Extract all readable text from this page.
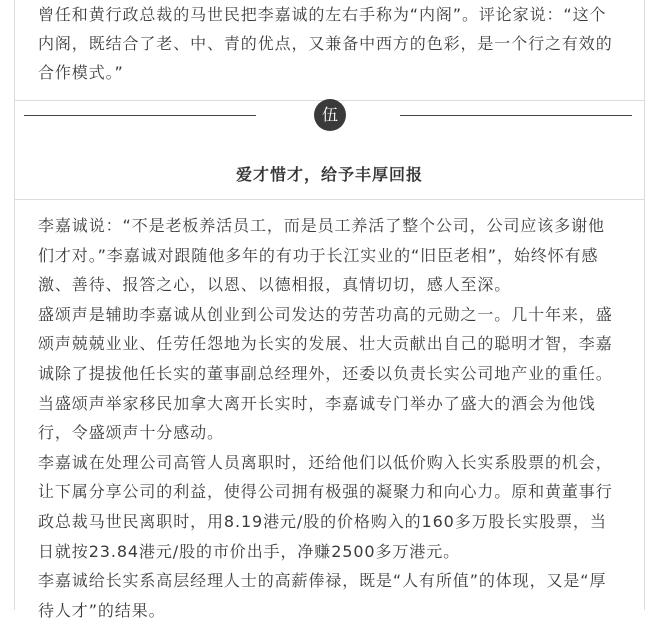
曾任和黄行政总裁的马世民把李嘉诚的左右手称为“内阁”。评论家说：“这个
内阁，既结合了老、中、青的优点，又兼备中西方的色彩，是一个行之有效的
合作模式。”
伍
爱才惜才，给予丰厚回报
李嘉诚说：“不是老板养活员工，而是员工养活了整个公司，公司应该多谢他
们才对。”李嘉诚对跟随他多年的有功于长江实业的“旧臣老相”，始终怀有感
激、善待、报答之心，以恩、以德相报，真情切切，感人至深。
盛颂声是辅助李嘉诚从创业到公司发达的劳苦功高的元勋之一。几十年来，盛
颂声兢兢业业、任劳任怨地为长实的发展、壮大贡献出自己的聪明才智，李嘉
诚除了提拔他任长实的董事副总经理外，还委以负责长实公司地产业的重任。
当盛颂声举家移民加拿大离开长实时，李嘉诚专门举办了盛大的酒会为他饯
行，令盛颂声十分感动。
李嘉诚在处理公司高管人员离职时，还给他们以低价购入长实系股票的机会，
让下属分享公司的利益，使得公司拥有极强的凝聚力和向心力。原和黄董事行
政总裁马世民离职时，用8.19港元/股的价格购入的160多万股长实股票，当
日就按23.84港元/股的市价出手，净赚2500多万港元。
李嘉诚给长实系高层经理人士的高薪俸禄，既是“人有所值”的体现，又是“厚
待人才”的结果。
